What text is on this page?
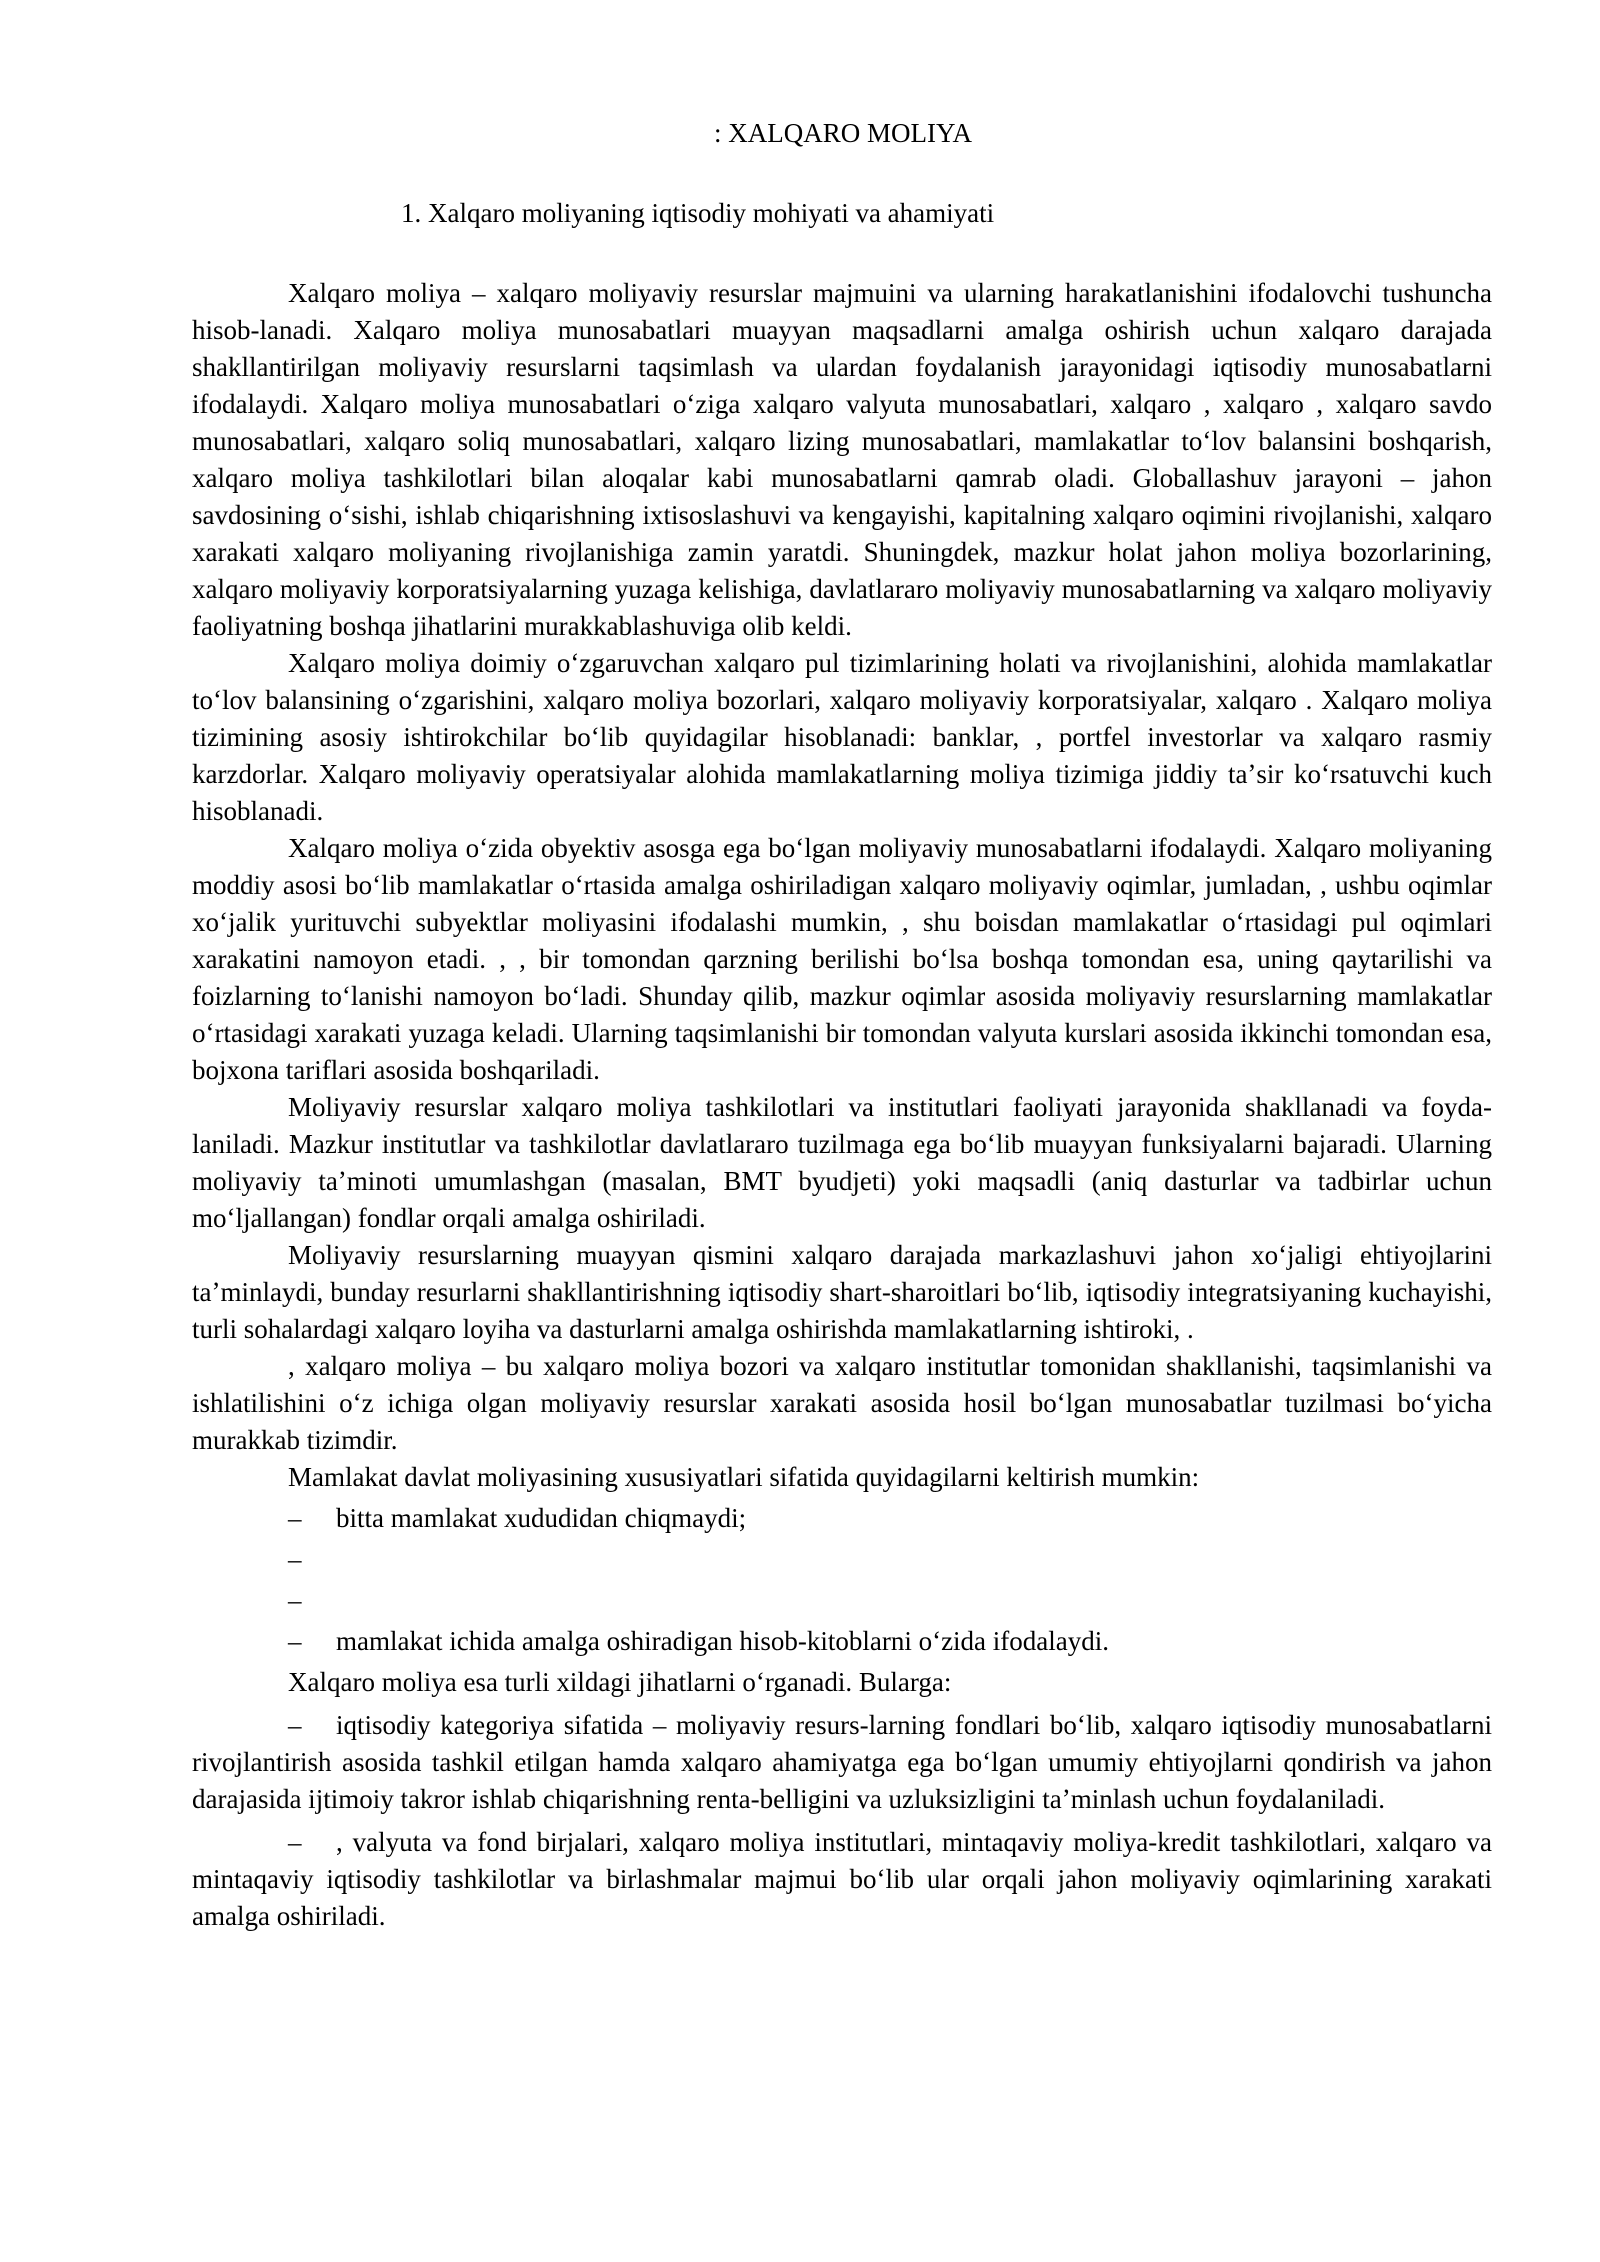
: XALQARO MOLIYA
1. Xalqaro moliyaning iqtisodiy mohiyati va ahamiyati

Xalqaro moliya – xalqaro moliyaviy resurslar majmuini va ularning harakatlanishini ifodalovchi tushuncha hisob-lanadi. Xalqaro moliya munosabatlari muayyan maqsadlarni amalga oshirish uchun xalqaro darajada shakllantirilgan moliyaviy resurslarni taqsimlash va ulardan foydalanish jarayonidagi iqtisodiy munosabatlarni ifodalaydi. Xalqaro moliya munosabatlari oʻziga xalqaro valyuta munosabatlari, xalqaro , xalqaro , xalqaro savdo munosabatlari, xalqaro soliq munosabatlari, xalqaro lizing munosabatlari, mamlakatlar toʻlov balansini boshqarish, xalqaro moliya tashkilotlari bilan aloqalar kabi munosabatlarni qamrab oladi. Globallashuv jarayoni – jahon savdosining oʻsishi, ishlab chiqarishning ixtisoslashuvi va kengayishi, kapitalning xalqaro oqimini rivojlanishi, xalqaro xarakati xalqaro moliyaning rivojlanishiga zamin yaratdi. Shuningdek, mazkur holat jahon moliya bozorlarining, xalqaro moliyaviy korporatsiyalarning yuzaga kelishiga, davlatlararo moliyaviy munosabatlarning va xalqaro moliyaviy faoliyatning boshqa jihatlarini murakkablashuviga olib keldi.

Xalqaro moliya doimiy oʻzgaruvchan xalqaro pul tizimlarining holati va rivojlanishini, alohida mamlakatlar toʻlov balansining oʻzgarishini, xalqaro moliya bozorlari, xalqaro moliyaviy korporatsiyalar, xalqaro . Xalqaro moliya tizimining asosiy ishtirokchilar boʻlib quyidagilar hisoblanadi: banklar, , portfel investorlar va xalqaro rasmiy karzdorlar. Xalqaro moliyaviy operatsiyalar alohida mamlakatlarning moliya tizimiga jiddiy taʼsir koʻrsatuvchi kuch hisoblanadi.

Xalqaro moliya oʻzida obyektiv asosga ega boʻlgan moliyaviy munosabatlarni ifodalaydi. Xalqaro moliyaning moddiy asosi boʻlib mamlakatlar oʻrtasida amalga oshiriladigan xalqaro moliyaviy oqimlar, jumladan, , ushbu oqimlar xoʻjalik yurituvchi subyektlar moliyasini ifodalashi mumkin, , shu boisdan mamlakatlar oʻrtasidagi pul oqimlari xarakatini namoyon etadi. , , bir tomondan qarzning berilishi boʻlsa boshqa tomondan esa, uning qaytarilishi va foizlarning toʻlanishi namoyon boʻladi. Shunday qilib, mazkur oqimlar asosida moliyaviy resurslarning mamlakatlar oʻrtasidagi xarakati yuzaga keladi. Ularning taqsimlanishi bir tomondan valyuta kurslari asosida ikkinchi tomondan esa, bojxona tariflari asosida boshqariladi.

Moliyaviy resurslar xalqaro moliya tashkilotlari va institutlari faoliyati jarayonida shakllanadi va foyda-laniladi. Mazkur institutlar va tashkilotlar davlatlararo tuzilmaga ega boʻlib muayyan funksiyalarni bajaradi. Ularning moliyaviy taʼminoti umumlashgan (masalan, BMT byudjeti) yoki maqsadli (aniq dasturlar va tadbirlar uchun moʻljallangan) fondlar orqali amalga oshiriladi.

Moliyaviy resurslarning muayyan qismini xalqaro darajada markazlashuvi jahon xoʻjaligi ehtiyojlarini taʼminlaydi, bunday resurlarni shakllantirishning iqtisodiy shart-sharoitlari boʻlib, iqtisodiy integratsiyaning kuchayishi, turli sohalardagi xalqaro loyiha va dasturlarni amalga oshirishda mamlakatlarning ishtiroki, .

, xalqaro moliya – bu xalqaro moliya bozori va xalqaro institutlar tomonidan shakllanishi, taqsimlanishi va ishlatilishini oʻz ichiga olgan moliyaviy resurslar xarakati asosida hosil boʻlgan munosabatlar tuzilmasi boʻyicha murakkab tizimdir.

Mamlakat davlat moliyasining xususiyatlari sifatida quyidagilarni keltirish mumkin:

–	bitta mamlakat xududidan chiqmaydi;
–
–
–	mamlakat ichida amalga oshiradigan hisob-kitoblarni oʻzida ifodalaydi.

Xalqaro moliya esa turli xildagi jihatlarni oʻrganadi. Bularga:

–	iqtisodiy kategoriya sifatida – moliyaviy resurs-larning fondlari boʻlib, xalqaro iqtisodiy munosabatlarni rivojlantirish asosida tashkil etilgan hamda xalqaro ahamiyatga ega boʻlgan umumiy ehtiyojlarni qondirish va jahon darajasida ijtimoiy takror ishlab chiqarishning renta-belligini va uzluksizligini taʼminlash uchun foydalaniladi.
–	, valyuta va fond birjalari, xalqaro moliya institutlari, mintaqaviy moliya-kredit tashkilotlari, xalqaro va mintaqaviy iqtisodiy tashkilotlar va birlashmalar majmui boʻlib ular orqali jahon moliyaviy oqimlarining xarakati amalga oshiriladi.
